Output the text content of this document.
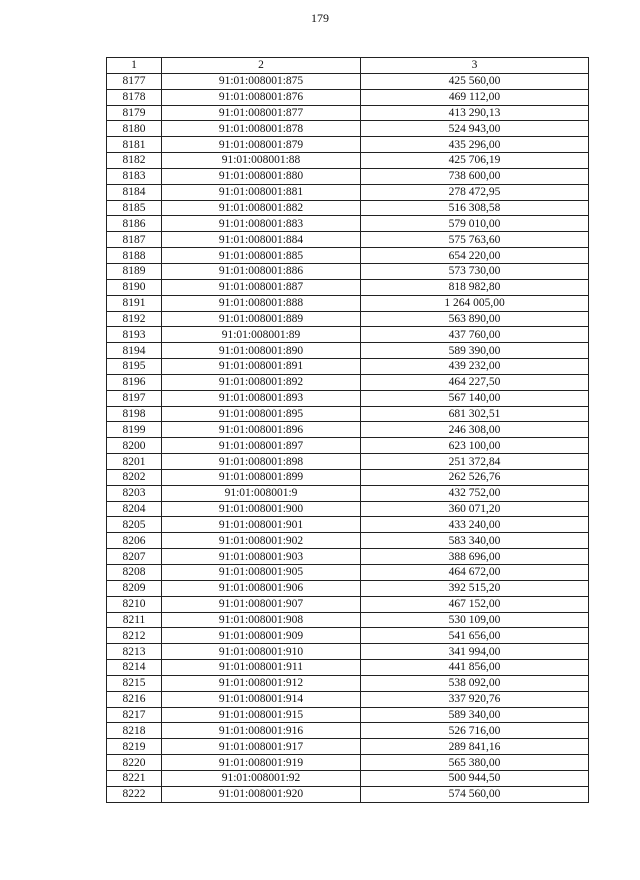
179
1	2	3
8177	91:01:008001:875	425 560,00
8178	91:01:008001:876	469 112,00
8179	91:01:008001:877	413 290,13
8180	91:01:008001:878	524 943,00
8181	91:01:008001:879	435 296,00
8182	91:01:008001:88	425 706,19
8183	91:01:008001:880	738 600,00
8184	91:01:008001:881	278 472,95
8185	91:01:008001:882	516 308,58
8186	91:01:008001:883	579 010,00
8187	91:01:008001:884	575 763,60
8188	91:01:008001:885	654 220,00
8189	91:01:008001:886	573 730,00
8190	91:01:008001:887	818 982,80
8191	91:01:008001:888	1 264 005,00
8192	91:01:008001:889	563 890,00
8193	91:01:008001:89	437 760,00
8194	91:01:008001:890	589 390,00
8195	91:01:008001:891	439 232,00
8196	91:01:008001:892	464 227,50
8197	91:01:008001:893	567 140,00
8198	91:01:008001:895	681 302,51
8199	91:01:008001:896	246 308,00
8200	91:01:008001:897	623 100,00
8201	91:01:008001:898	251 372,84
8202	91:01:008001:899	262 526,76
8203	91:01:008001:9	432 752,00
8204	91:01:008001:900	360 071,20
8205	91:01:008001:901	433 240,00
8206	91:01:008001:902	583 340,00
8207	91:01:008001:903	388 696,00
8208	91:01:008001:905	464 672,00
8209	91:01:008001:906	392 515,20
8210	91:01:008001:907	467 152,00
8211	91:01:008001:908	530 109,00
8212	91:01:008001:909	541 656,00
8213	91:01:008001:910	341 994,00
8214	91:01:008001:911	441 856,00
8215	91:01:008001:912	538 092,00
8216	91:01:008001:914	337 920,76
8217	91:01:008001:915	589 340,00
8218	91:01:008001:916	526 716,00
8219	91:01:008001:917	289 841,16
8220	91:01:008001:919	565 380,00
8221	91:01:008001:92	500 944,50
8222	91:01:008001:920	574 560,00
